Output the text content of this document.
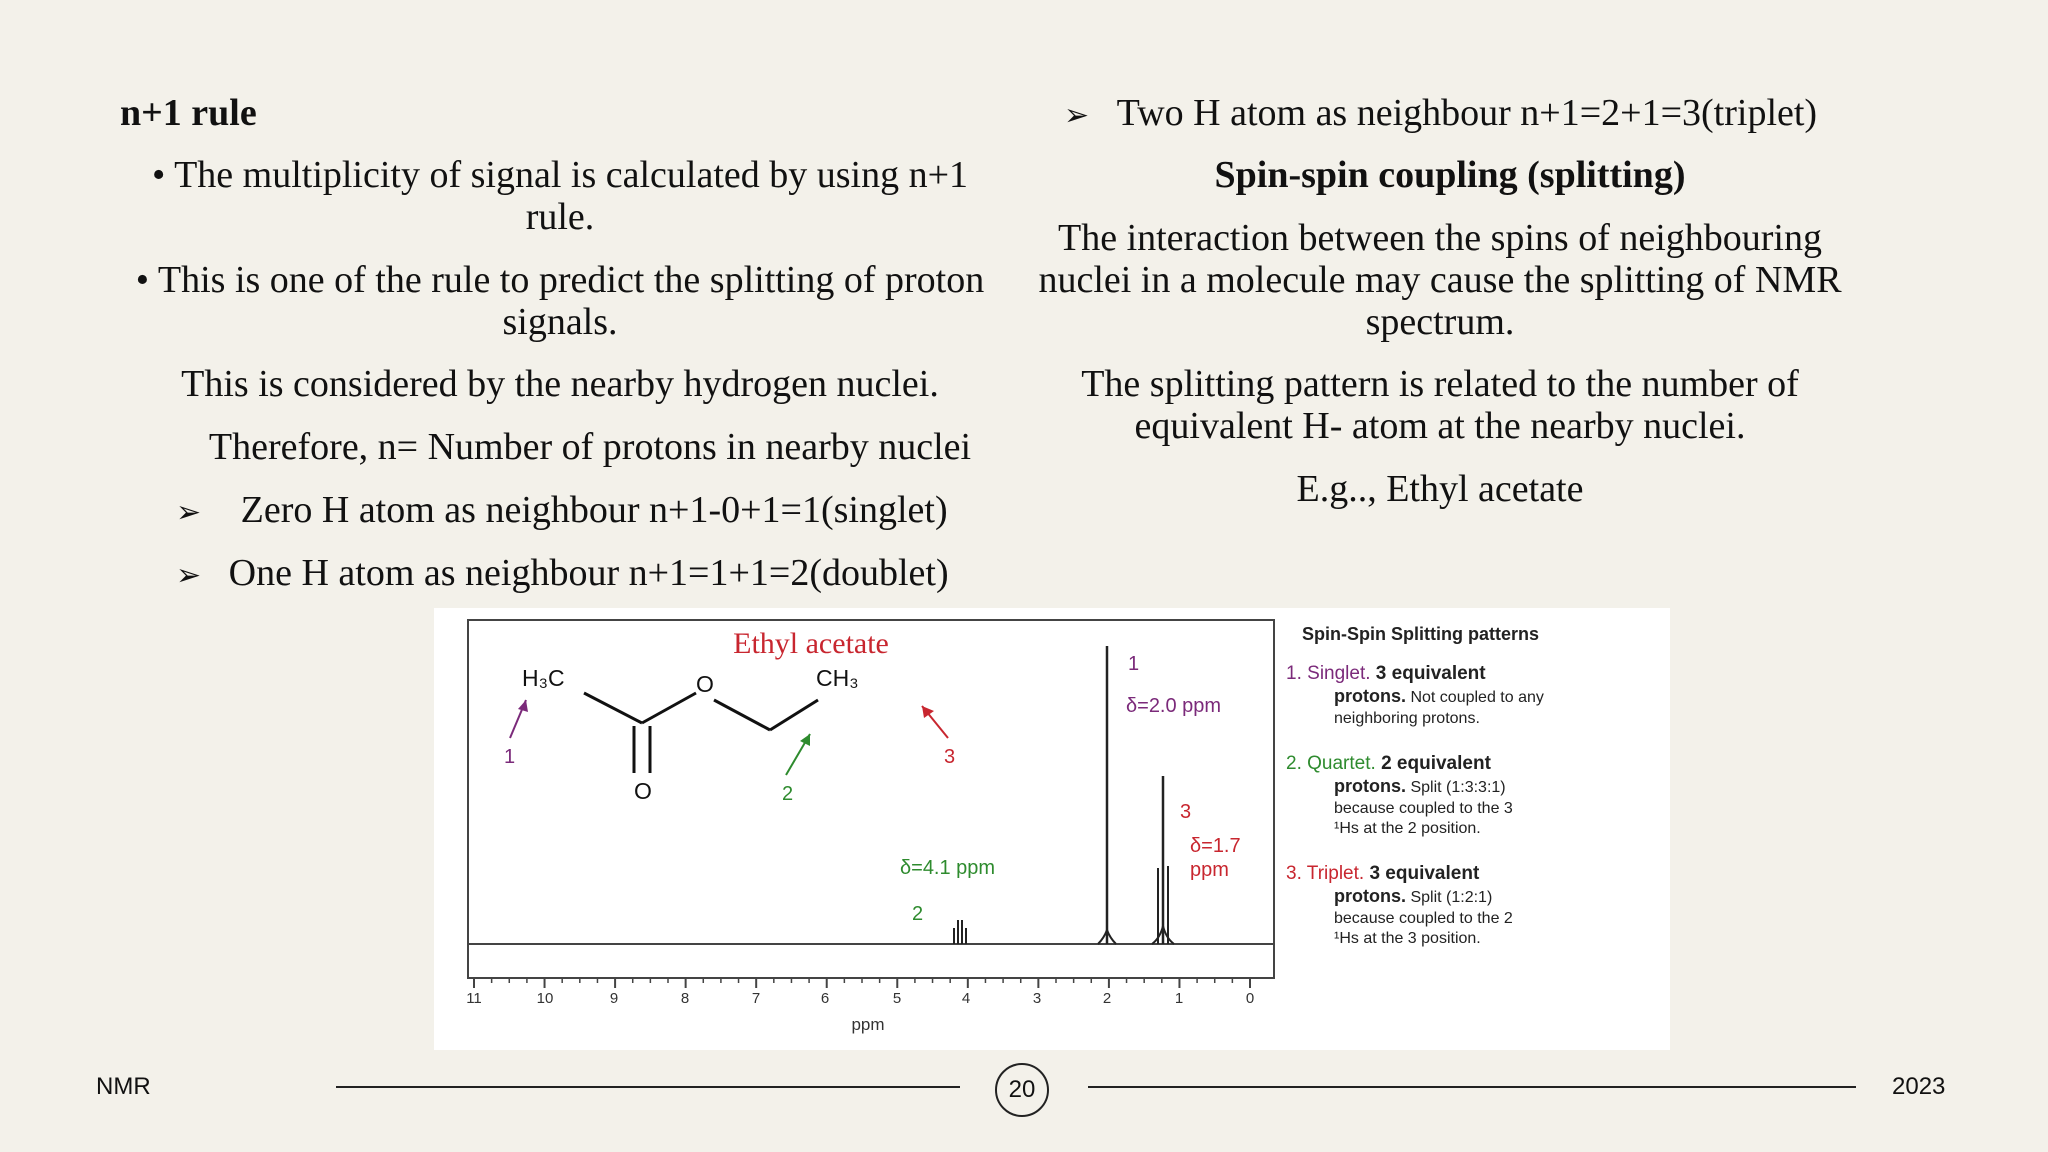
n+1 rule
• The multiplicity of signal is calculated by using n+1
rule.
• This is one of the rule to predict the splitting of proton
signals.
This is considered by the nearby hydrogen nuclei.
Therefore, n= Number of protons in nearby nuclei
➢ Zero H atom as neighbour n+1-0+1=1(singlet)
➢ One H atom as neighbour n+1=1+1=2(doublet)
➢ Two H atom as neighbour n+1=2+1=3(triplet)
Spin-spin coupling (splitting)
The interaction between the spins of neighbouring
nuclei in a molecule may cause the splitting of NMR
spectrum.
The splitting pattern is related to the number of
equivalent H- atom at the nearby nuclei.
E.g.., Ethyl acetate
11	10	9	8	7	6	5	4	3	2	1	0
ppm
Ethyl acetate
H₃C	O	CH₃
O
1
2
3
1
δ=2.0 ppm
δ=4.1 ppm
2
3
δ=1.7
ppm
Spin-Spin Splitting patterns
1. Singlet. 3 equivalent
protons. Not coupled to any
neighboring protons.
2. Quartet. 2 equivalent
protons. Split (1:3:3:1)
because coupled to the 3
¹Hs at the 2 position.
3. Triplet. 3 equivalent
protons. Split (1:2:1)
because coupled to the 2
¹Hs at the 3 position.
NMR	20	2023
